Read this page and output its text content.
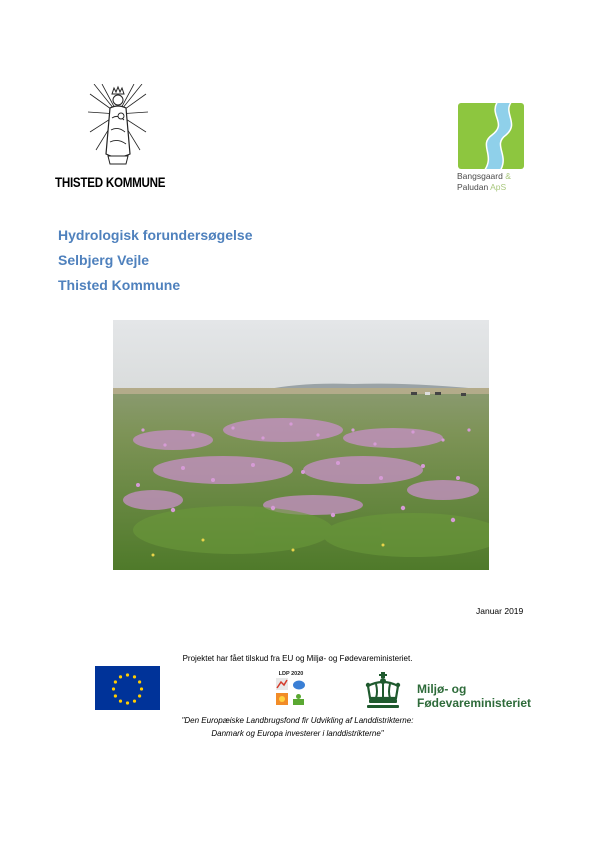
THISTED KOMMUNE	Bangsgaard &
Paludan ApS
Hydrologisk forundersøgelse
Selbjerg Vejle
Thisted Kommune
Januar 2019
Projektet har fået tilskud fra EU og Miljø- og Fødevareministeriet.
LDP 2020
Miljø- og
Fødevareministeriet
"Den Europæiske Landbrugsfond fir Udvikling af Landdistrikterne:
Danmark og Europa investerer i landdistrikterne"
